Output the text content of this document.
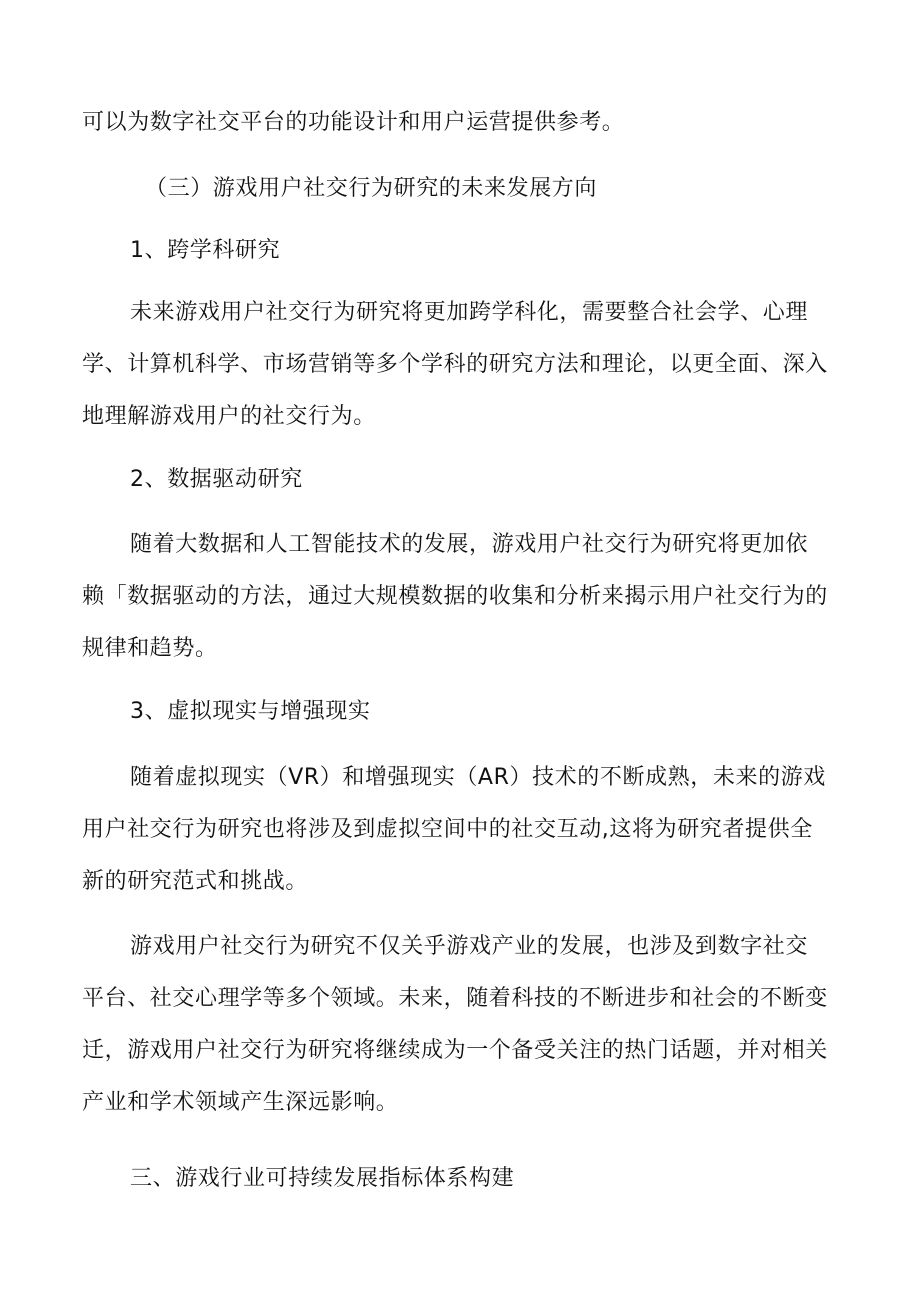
可以为数字社交平台的功能设计和用户运营提供参考。
（三）游戏用户社交行为研究的未来发展方向
1、跨学科研究
未来游戏用户社交行为研究将更加跨学科化，需要整合社会学、心理
学、计算机科学、市场营销等多个学科的研究方法和理论，以更全面、深入
地理解游戏用户的社交行为。
2、数据驱动研究
随着大数据和人工智能技术的发展，游戏用户社交行为研究将更加依
赖「数据驱动的方法，通过大规模数据的收集和分析来揭示用户社交行为的
规律和趋势。
3、虚拟现实与增强现实
随着虚拟现实（VR）和增强现实（AR）技术的不断成熟，未来的游戏
用户社交行为研究也将涉及到虚拟空间中的社交互动,这将为研究者提供全
新的研究范式和挑战。
游戏用户社交行为研究不仅关乎游戏产业的发展，也涉及到数字社交
平台、社交心理学等多个领域。未来，随着科技的不断进步和社会的不断变
迁，游戏用户社交行为研究将继续成为一个备受关注的热门话题，并对相关
产业和学术领域产生深远影响。
三、游戏行业可持续发展指标体系构建
